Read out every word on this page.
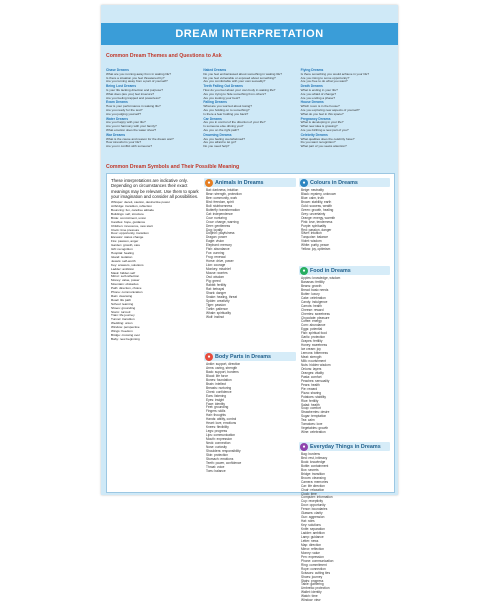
DREAM INTERPRETATION
Common Dream Themes and Questions to Ask
Chase Dreams
What are you running away from in waking life?
Is there a situation you feel threatened by?
Are you turning away from a part of yourself?
Being Lost Dreams
Is your life lacking direction and purpose?
What does (are you) feel insecure?
Are you feeling trapped and powerless?
Exam Dreams
How is your performance in waking life?
Are you ready for the test?
Are you judging yourself?
Water Dreams
Are you happy with your life?
Are you in harmony with your family?
What emotion does the water show?
War Dreams
What is the cause and reason for the dream war?
How stressful is your life?
Are you in conflict with someone?
Naked Dreams
Do you feel embarrassed about something in waking life?
Do you feel vulnerable or exposed about something?
Are you comfortable with your own sexuality?
Teeth Falling Out Dreams
How do you feel about your own body in waking life?
Are you trying to hide something from others?
Are you looking your best?
Falling Dreams
What are you worried about losing?
Are you holding on to something?
Is there a fear holding you back?
Car Dreams
Are you in control of the direction of your life?
Is someone else driving you?
Are you on the right path?
Drowning Dreams
Are you feeling overwhelmed?
Are you afraid to let go?
Do you need help?
Flying Dreams
Is there something you would achieve in your life?
Are you rising to some opportunity?
Are you free to do what you want?
Death Dreams
What is ending in your life?
Are you afraid of change?
Are you ending a phase?
House Dreams
Which room is in the house?
Are you exploring new aspects of yourself?
What do you feel in this space?
Pregnancy Dreams
What is developing in your life?
What new idea is growing?
Are you birthing a new part of you?
Celebrity Dreams
What qualities does the celebrity have?
Do you want recognition?
What part of you seeks attention?
Common Dream Symbols and Their Possible Meaning
These interpretations are indicative only. Depending on circumstances their exact meanings may be relevant. Use them to spark your imagination and consider all possibilities.
Whisper: deceit, caution, destructive power
Airbridge: transition, reflection
Bouncing: fun, carefree attitude
Buildings: self, structure
Bride: commitment, union
Candles: hope, guidance
Children: innocence, new start
Clock: time pressure
Door: opportunity, transition
Elevator: status change
Fire: passion, anger
Garden: growth, care
Gift: recognition
Hospital: healing
Island: isolation
Jewels: self-worth
Key: answers, solutions
Ladder: ambition
Mask: hidden self
Mirror: self-reflection
Money: value, power
Mountain: obstacles
Path: direction, choice
Phone: communication
Rain: cleansing
Road: life path
School: learning
Shoes: grounding
Storm: turmoil
Train: life journey
Tunnel: transition
Wedding: union
Window: perspective
Wings: freedom
Bridge: crossing over
Baby: new beginning
● Animals in Dreams
Bat: darkness, intuition
Bear: strength, protection
Bee: community, work
Bird: freedom, spirit
Bull: stubbornness
Butterfly: transformation
Cat: independence
Cow: nurturing
Crow: change, warning
Deer: gentleness
Dog: loyalty
Dolphin: playfulness
Dragon: power
Eagle: vision
Elephant: memory
Fish: abundance
Fox: cunning
Frog: renewal
Horse: drive, power
Lion: courage
Monkey: mischief
Mouse: worries
Owl: wisdom
Pig: greed
Rabbit: fertility
Rat: betrayal
Shark: danger
Snake: healing, threat
Spider: creativity
Tiger: passion
Turtle: patience
Whale: spirituality
Wolf: instinct
● Colours in Dreams
Beige: neutrality
Black: mystery, unknown
Blue: calm, truth
Brown: stability, earth
Gold: success, wealth
Green: growth, healing
Grey: uncertainty
Orange: energy, warmth
Pink: love, tenderness
Purple: spirituality
Red: passion, danger
Silver: intuition
Turquoise: balance
Violet: wisdom
White: purity, peace
Yellow: joy, optimism
● Food in Dreams
Apples: knowledge, wisdom
Bananas: fertility
Beans: growth
Bread: basic needs
Butter: luxury
Cake: celebration
Candy: indulgence
Carrots: health
Cheese: reward
Cherries: sweetness
Chocolate: pleasure
Coffee: energy
Corn: abundance
Eggs: potential
Fish: spiritual food
Garlic: protection
Grapes: fertility
Honey: sweetness
Ice cream: joy
Lemons: bitterness
Meat: strength
Milk: nourishment
Nuts: hidden wisdom
Onions: layers
Oranges: vitality
Pasta: comfort
Peaches: sensuality
Pears: health
Pie: reward
Pizza: sharing
Potatoes: stability
Rice: fertility
Salad: health
Soup: comfort
Strawberries: desire
Sugar: temptation
Tea: calm
Tomatoes: love
Vegetables: growth
Wine: celebration
● Body Parts in Dreams
Ankle: support, direction
Arms: caring, strength
Back: support, burdens
Blood: life force
Bones: foundation
Brain: intellect
Breasts: nurturing
Chest: confidence
Ears: listening
Eyes: insight
Face: identity
Feet: grounding
Fingers: skills
Hair: thoughts
Hands: ability, control
Heart: love, emotions
Knees: flexibility
Legs: progress
Lips: communication
Mouth: expression
Neck: connection
Nose: curiosity
Shoulders: responsibility
Skin: protection
Stomach: emotions
Teeth: power, confidence
Throat: voice
Toes: balance
● Everyday Things in Dreams
Bag: burdens
Bed: rest, intimacy
Book: knowledge
Bottle: containment
Box: secrets
Bridge: transition
Broom: cleansing
Camera: memories
Car: life direction
Chair: relaxation
Clock: time
Computer: information
Cup: receptivity
Door: opportunity
Fence: boundaries
Glasses: clarity
Gun: aggression
Hat: roles
Key: solutions
Knife: separation
Ladder: ambition
Lamp: guidance
Letter: news
Map: direction
Mirror: reflection
Money: value
Pen: expression
Phone: communication
Ring: commitment
Rope: connection
Scissors: cutting ties
Shoes: journey
Stairs: progress
Table: gathering
Umbrella: protection
Wallet: identity
Watch: time
Window: view
